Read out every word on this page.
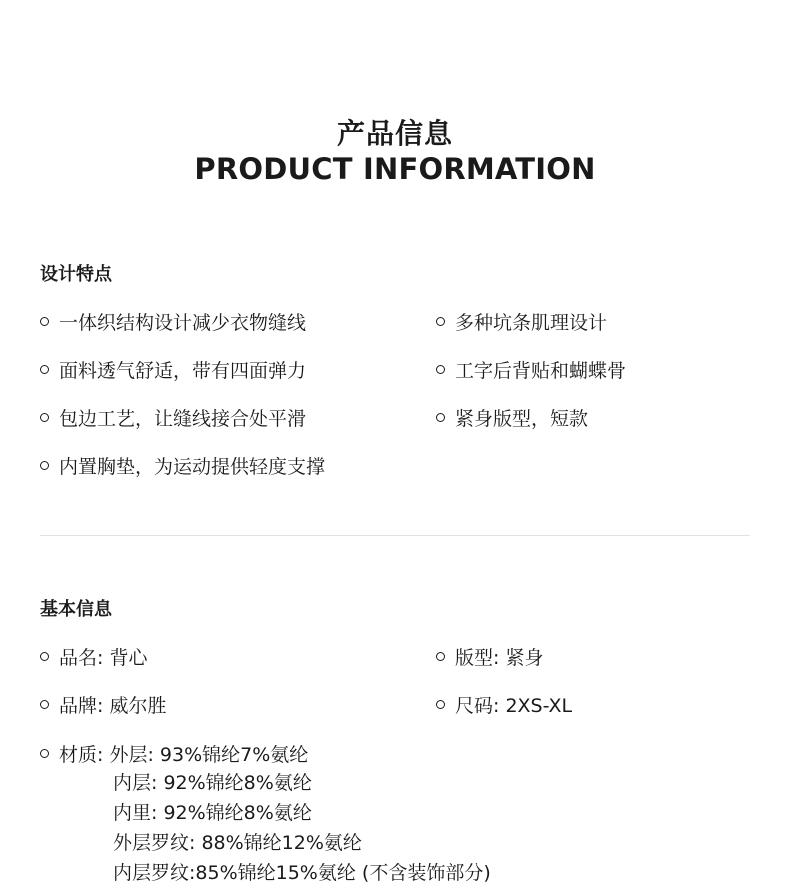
产品信息
PRODUCT INFORMATION
设计特点
一体织结构设计减少衣物缝线
面料透气舒适，带有四面弹力
包边工艺，让缝线接合处平滑
内置胸垫，为运动提供轻度支撑
多种坑条肌理设计
工字后背贴和蝴蝶骨
紧身版型，短款
基本信息
品名: 背心	版型: 紧身
品牌: 威尔胜	尺码: 2XS-XL
材质: 外层: 93%锦纶7%氨纶
内层: 92%锦纶8%氨纶
内里: 92%锦纶8%氨纶
外层罗纹: 88%锦纶12%氨纶
内层罗纹:85%锦纶15%氨纶 (不含装饰部分)
